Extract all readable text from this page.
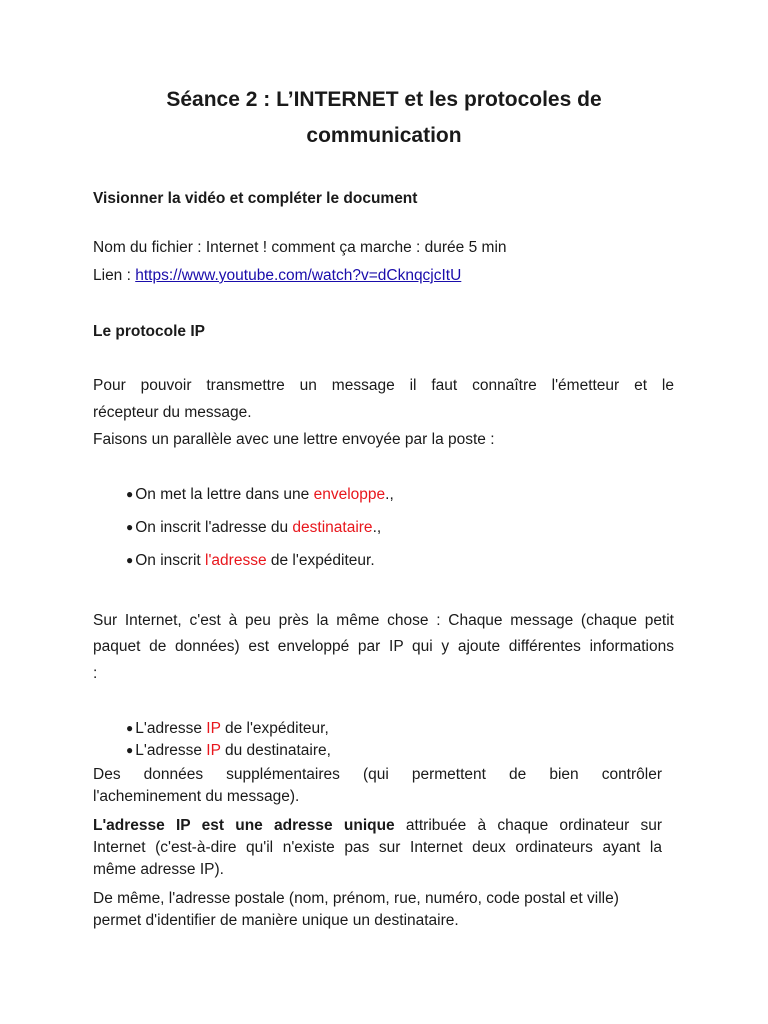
Séance 2 : L’INTERNET et les protocoles de
communication
Visionner la vidéo et compléter le document
Nom du fichier : Internet ! comment ça marche : durée 5 min
Lien : https://www.youtube.com/watch?v=dCknqcjcItU
Le protocole IP
Pour pouvoir transmettre un message il faut connaître l'émetteur et le
récepteur du message.
Faisons un parallèle avec une lettre envoyée par la poste :
● On met la lettre dans une enveloppe.,
● On inscrit l'adresse du destinataire.,
● On inscrit l'adresse de l'expéditeur.
Sur Internet, c'est à peu près la même chose : Chaque message (chaque petit
paquet de données) est enveloppé par IP qui y ajoute différentes informations
:
● L'adresse IP de l'expéditeur,
● L'adresse IP du destinataire,
Des données supplémentaires (qui permettent de bien contrôler
l'acheminement du message).
L'adresse IP est une adresse unique attribuée à chaque ordinateur sur
Internet (c'est-à-dire qu'il n'existe pas sur Internet deux ordinateurs ayant la
même adresse IP).
De même, l'adresse postale (nom, prénom, rue, numéro, code postal et ville)
permet d'identifier de manière unique un destinataire.
